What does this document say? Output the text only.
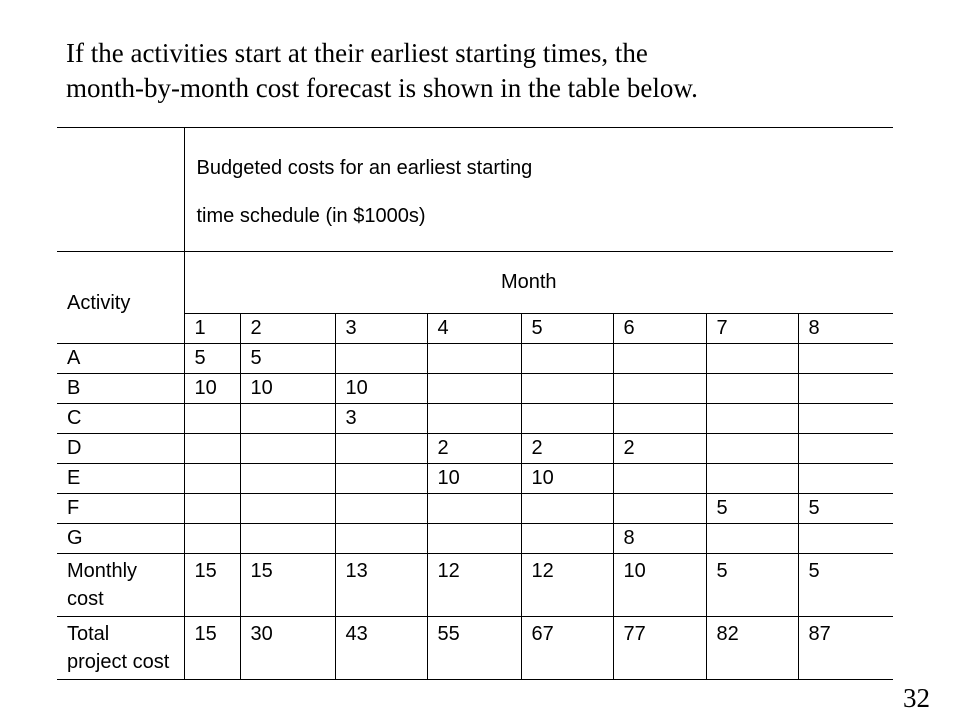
If the activities start at their earliest starting times, the
month-by-month cost forecast is shown in the table below.

	Budgeted costs for an earliest starting
time schedule (in $1000s)							
Activity	Month							
	1	2	3	4	5	6	7	8
A	5	5						
B	10	10	10					
C			3					
D				2	2	2		
E				10	10			
F							5	5
G						8		
Monthly
cost	15	15	13	12	12	10	5	5
Total
project cost	15	30	43	55	67	77	82	87
32
